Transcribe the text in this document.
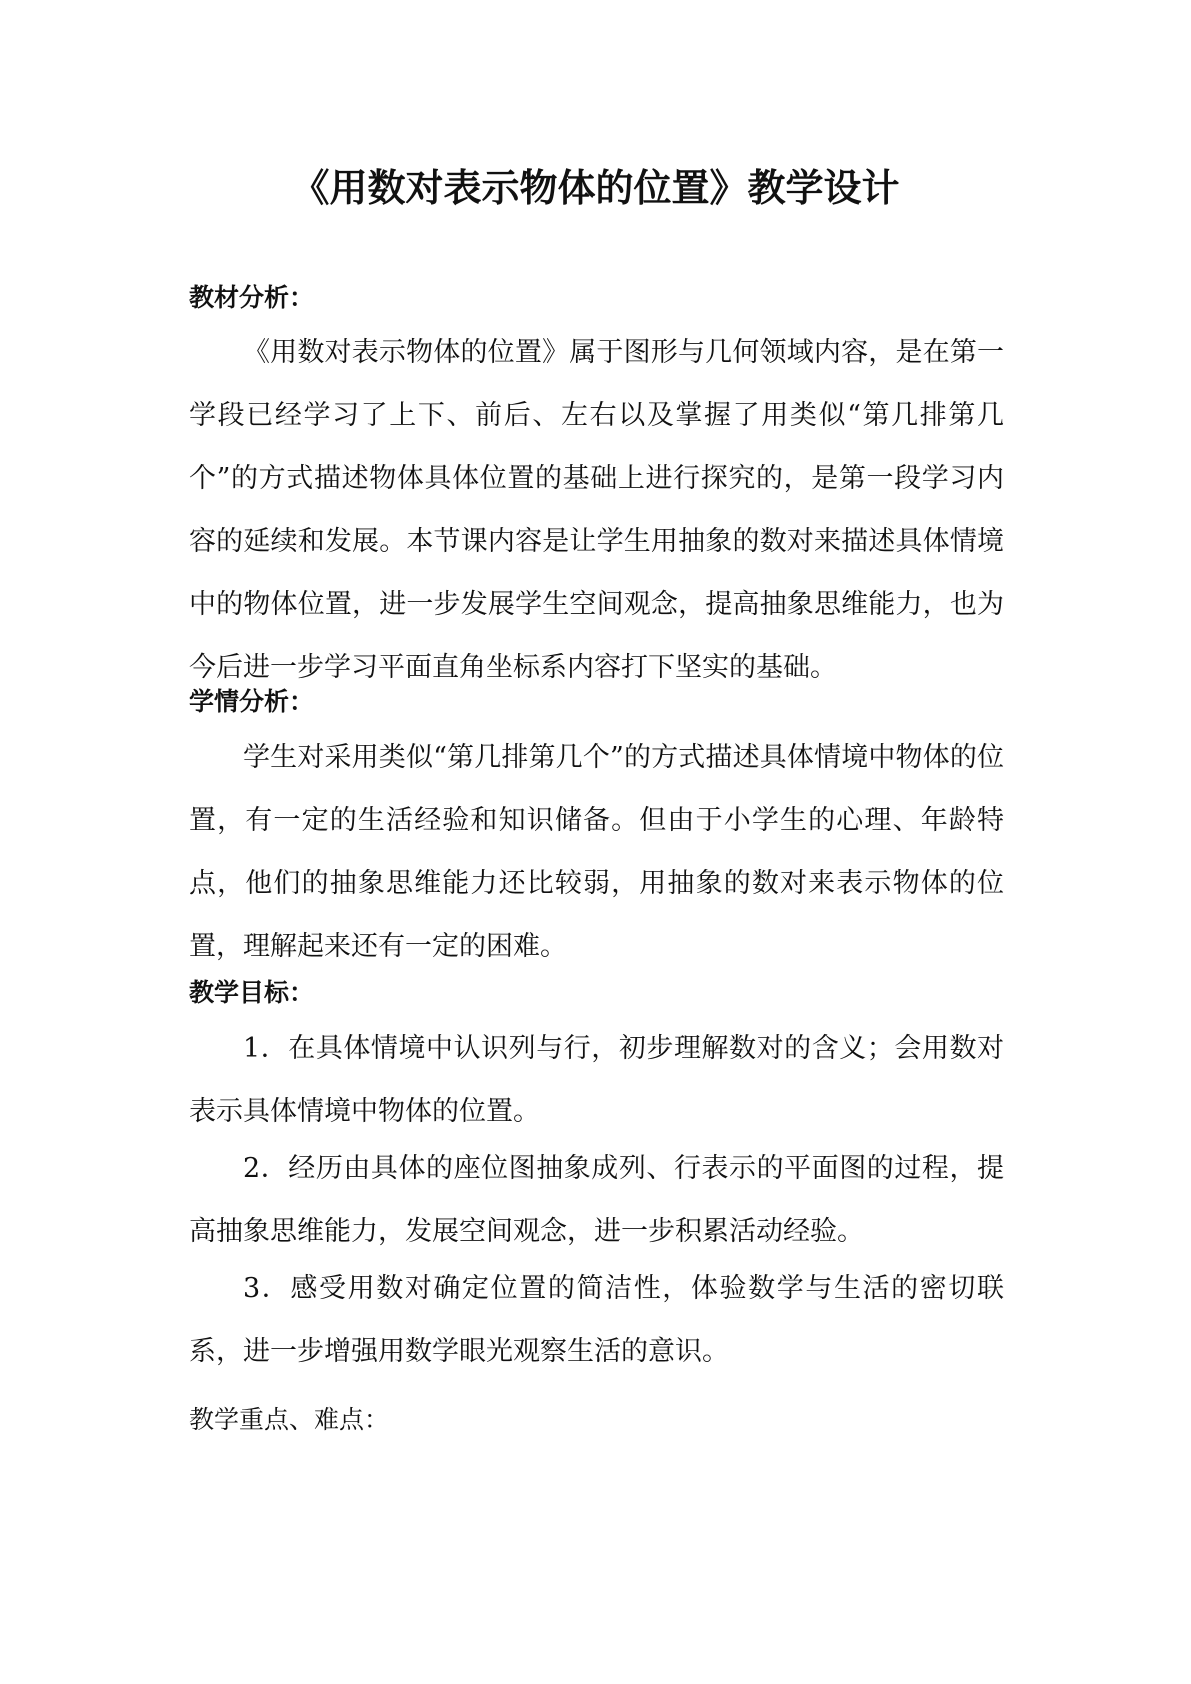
《用数对表示物体的位置》教学设计
教材分析：

《用数对表示物体的位置》属于图形与几何领域内容，是在第一学段已经学习了上下、前后、左右以及掌握了用类似“第几排第几个”的方式描述物体具体位置的基础上进行探究的，是第一段学习内容的延续和发展。本节课内容是让学生用抽象的数对来描述具体情境中的物体位置，进一步发展学生空间观念，提高抽象思维能力，也为今后进一步学习平面直角坐标系内容打下坚实的基础。

学情分析：

学生对采用类似“第几排第几个”的方式描述具体情境中物体的位置，有一定的生活经验和知识储备。但由于小学生的心理、年龄特点，他们的抽象思维能力还比较弱，用抽象的数对来表示物体的位置，理解起来还有一定的困难。

教学目标：

1．在具体情境中认识列与行，初步理解数对的含义；会用数对表示具体情境中物体的位置。

2．经历由具体的座位图抽象成列、行表示的平面图的过程，提高抽象思维能力，发展空间观念，进一步积累活动经验。

3．感受用数对确定位置的简洁性，体验数学与生活的密切联系，进一步增强用数学眼光观察生活的意识。

教学重点、难点：
